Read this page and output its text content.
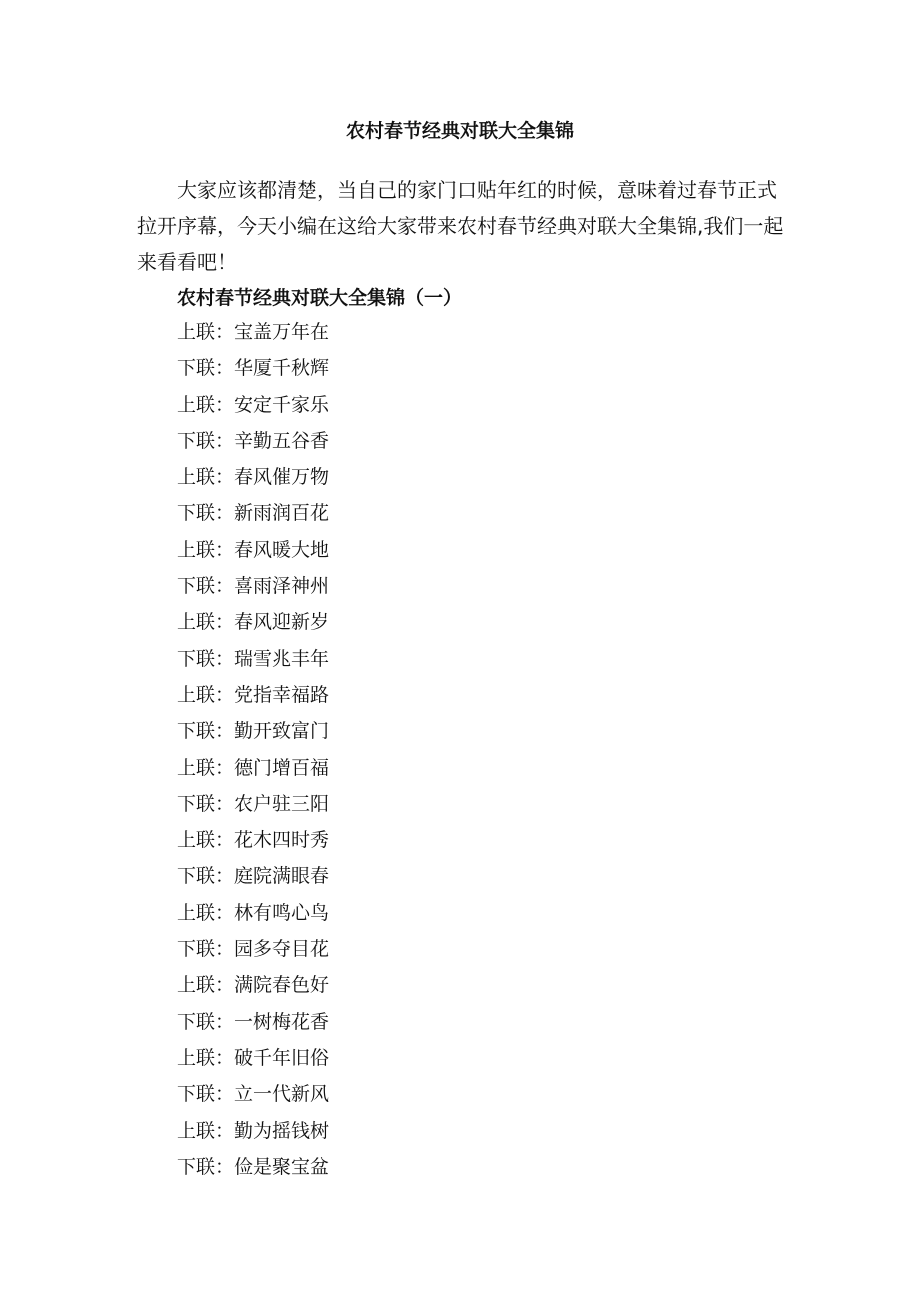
农村春节经典对联大全集锦

大家应该都清楚，当自己的家门口贴年红的时候，意味着过春节正式拉开序幕，今天小编在这给大家带来农村春节经典对联大全集锦,我们一起来看看吧！

农村春节经典对联大全集锦（一）

上联：宝盖万年在
下联：华厦千秋辉
上联：安定千家乐
下联：辛勤五谷香
上联：春风催万物
下联：新雨润百花
上联：春风暖大地
下联：喜雨泽神州
上联：春风迎新岁
下联：瑞雪兆丰年
上联：党指幸福路
下联：勤开致富门
上联：德门增百福
下联：农户驻三阳
上联：花木四时秀
下联：庭院满眼春
上联：林有鸣心鸟
下联：园多夺目花
上联：满院春色好
下联：一树梅花香
上联：破千年旧俗
下联：立一代新风
上联：勤为摇钱树
下联：俭是聚宝盆
